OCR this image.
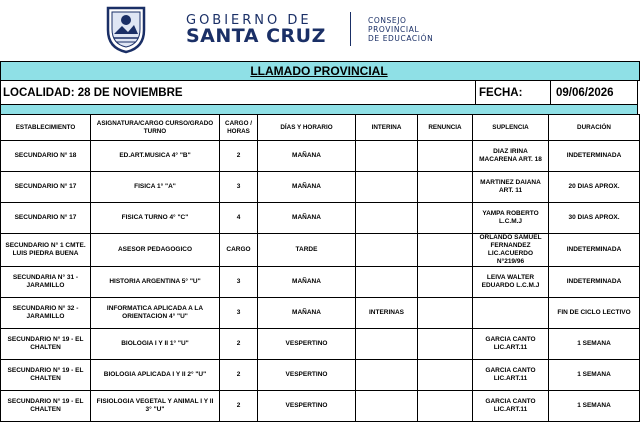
GOBIERNO DE
SANTA CRUZ
CONSEJO
PROVINCIAL
DE EDUCACIÓN
LLAMADO PROVINCIAL
LOCALIDAD: 28 DE NOVIEMBRE	FECHA:	09/06/2026
ESTABLECIMIENTO	ASIGNATURA/CARGO CURSO/GRADO TURNO	CARGO / HORAS	DÍAS Y HORARIO	INTERINA	RENUNCIA	SUPLENCIA	DURACIÓN
SECUNDARIO N° 18	ED.ART.MUSICA 4° "B"	2	MAÑANA			DIAZ IRINA MACARENA ART. 18	INDETERMINADA
SECUNDARIO N° 17	FISICA 1° "A"	3	MAÑANA			MARTINEZ DAIANA ART. 11	20 DIAS APROX.
SECUNDARIO N° 17	FISICA TURNO 4° "C"	4	MAÑANA			YAMPA ROBERTO L.C.M.J	30 DIAS APROX.
SECUNDARIO N° 1 CMTE. LUIS PIEDRA BUENA	ASESOR PEDAGOGICO	CARGO	TARDE			ORLANDO SAMUEL FERNANDEZ LIC.ACUERDO N°219/96	INDETERMINADA
SECUNDARIA N° 31 - JARAMILLO	HISTORIA ARGENTINA 5° "U"	3	MAÑANA			LEIVA WALTER EDUARDO L.C.M.J	INDETERMINADA
SECUNDARIO N° 32 - JARAMILLO	INFORMATICA APLICADA A LA ORIENTACION 4° "U"	3	MAÑANA	INTERINAS			FIN DE CICLO LECTIVO
SECUNDARIO N° 19 - EL CHALTEN	BIOLOGIA I Y II 1° "U"	2	VESPERTINO			GARCIA CANTO LIC.ART.11	1 SEMANA
SECUNDARIO N° 19 - EL CHALTEN	BIOLOGIA APLICADA I Y II 2° "U"	2	VESPERTINO			GARCIA CANTO LIC.ART.11	1 SEMANA
SECUNDARIO N° 19 - EL CHALTEN	FISIOLOGIA VEGETAL Y ANIMAL I Y II 3° "U"	2	VESPERTINO			GARCIA CANTO LIC.ART.11	1 SEMANA
